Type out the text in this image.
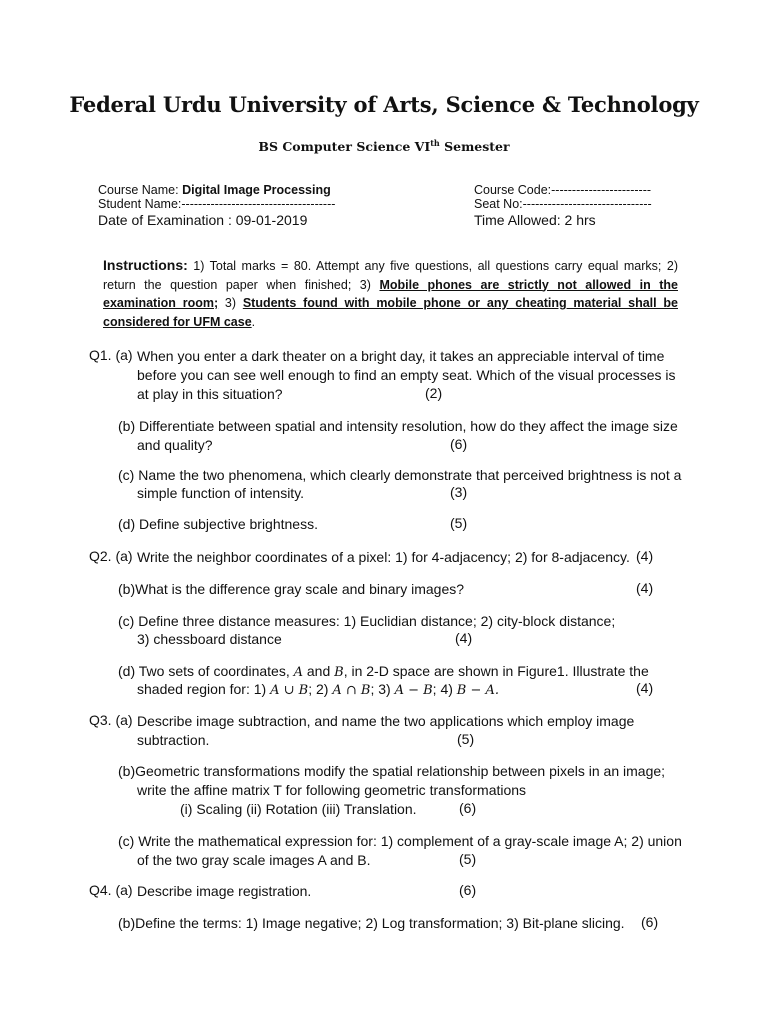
Federal Urdu University of Arts, Science & Technology
BS Computer Science VIth Semester
Course Name: Digital Image Processing	Course Code:------------------------
Student Name:-------------------------------------	Seat No:-------------------------------
Date of Examination : 09-01-2019	Time Allowed: 2 hrs
Instructions: 1) Total marks = 80. Attempt any five questions, all questions carry equal marks; 2) return the question paper when finished; 3) Mobile phones are strictly not allowed in the examination room; 3) Students found with mobile phone or any cheating material shall be considered for UFM case.
Q1. (a) When you enter a dark theater on a bright day, it takes an appreciable interval of time
before you can see well enough to find an empty seat. Which of the visual processes is
at play in this situation?	(2)
(b) Differentiate between spatial and intensity resolution, how do they affect the image size
and quality?	(6)
(c) Name the two phenomena, which clearly demonstrate that perceived brightness is not a
simple function of intensity.	(3)
(d) Define subjective brightness.	(5)
Q2. (a) Write the neighbor coordinates of a pixel: 1) for 4-adjacency; 2) for 8-adjacency. (4)
(b)What is the difference gray scale and binary images?	(4)
(c) Define three distance measures: 1) Euclidian distance; 2) city-block distance;
3) chessboard distance	(4)
(d) Two sets of coordinates, A and B, in 2-D space are shown in Figure1. Illustrate the
shaded region for: 1) A ∪ B; 2) A ∩ B; 3) A − B; 4) B − A.	(4)
Q3. (a) Describe image subtraction, and name the two applications which employ image
subtraction.	(5)
(b)Geometric transformations modify the spatial relationship between pixels in an image;
write the affine matrix T for following geometric transformations
(i) Scaling (ii) Rotation (iii) Translation.	(6)
(c) Write the mathematical expression for: 1) complement of a gray-scale image A; 2) union
of the two gray scale images A and B.	(5)
Q4. (a) Describe image registration.	(6)
(b)Define the terms: 1) Image negative; 2) Log transformation; 3) Bit-plane slicing. (6)
